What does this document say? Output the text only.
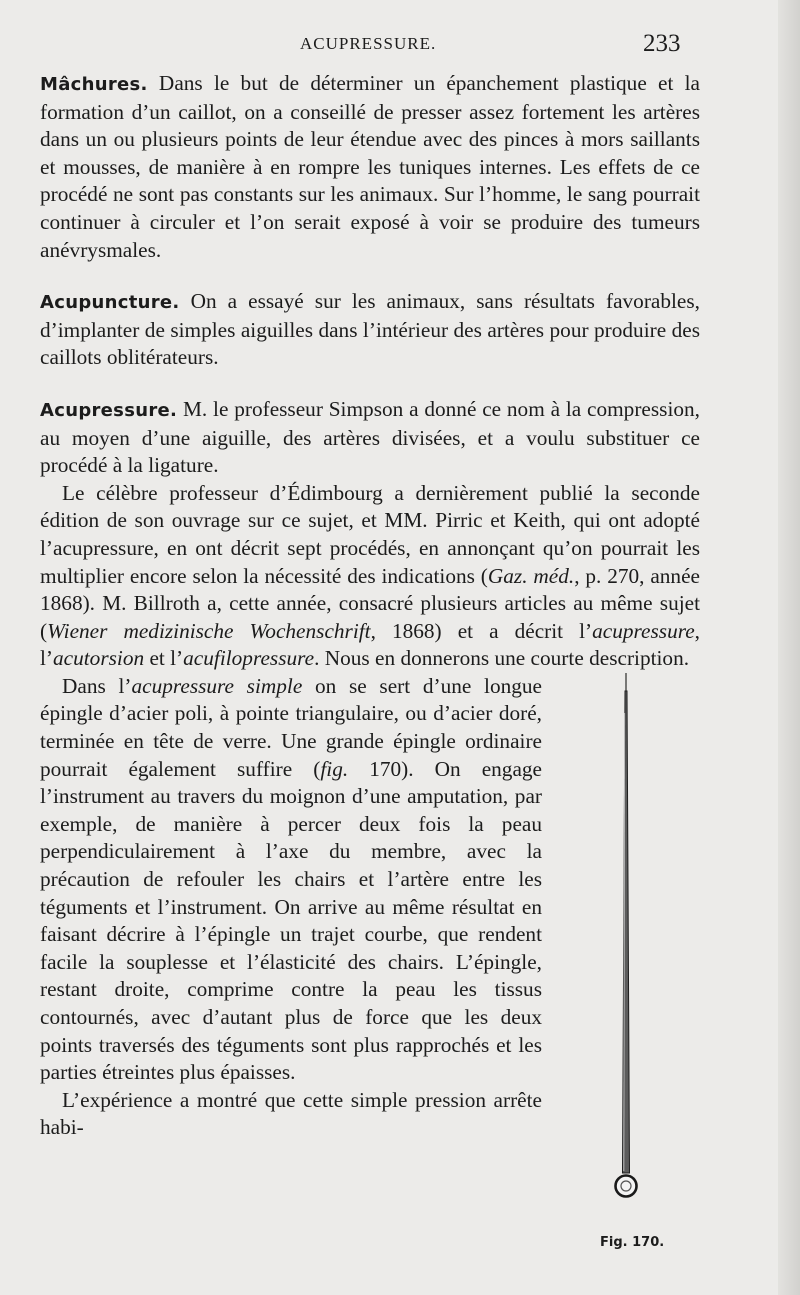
ACUPRESSURE.	233

Mâchures. Dans le but de déterminer un épanchement plastique et la formation d’un caillot, on a conseillé de presser assez fortement les artères dans un ou plusieurs points de leur étendue avec des pinces à mors saillants et mousses, de manière à en rompre les tuniques internes. Les effets de ce procédé ne sont pas constants sur les animaux. Sur l’homme, le sang pourrait continuer à circuler et l’on serait exposé à voir se produire des tumeurs anévrysmales.

Acupuncture. On a essayé sur les animaux, sans résultats favorables, d’implanter de simples aiguilles dans l’intérieur des artères pour produire des caillots oblitérateurs.

Acupressure. M. le professeur Simpson a donné ce nom à la compression, au moyen d’une aiguille, des artères divisées, et a voulu substituer ce procédé à la ligature.

Le célèbre professeur d’Édimbourg a dernièrement publié la seconde édition de son ouvrage sur ce sujet, et MM. Pirric et Keith, qui ont adopté l’acupressure, en ont décrit sept procédés, en annonçant qu’on pourrait les multiplier encore selon la nécessité des indications (Gaz. méd., p. 270, année 1868). M. Billroth a, cette année, consacré plusieurs articles au même sujet (Wiener medizinische Wochenschrift, 1868) et a décrit l’acupressure, l’acutorsion et l’acufilopressure. Nous en donnerons une courte description.

Fig. 170.

Dans l’acupressure simple on se sert d’une longue épingle d’acier poli, à pointe triangulaire, ou d’acier doré, terminée en tête de verre. Une grande épingle ordinaire pourrait également suffire (fig. 170). On engage l’instrument au travers du moignon d’une amputation, par exemple, de manière à percer deux fois la peau perpendiculairement à l’axe du membre, avec la précaution de refouler les chairs et l’artère entre les téguments et l’instrument. On arrive au même résultat en faisant décrire à l’épingle un trajet courbe, que rendent facile la souplesse et l’élasticité des chairs. L’épingle, restant droite, comprime contre la peau les tissus contournés, avec d’autant plus de force que les deux points traversés des téguments sont plus rapprochés et les parties étreintes plus épaisses.

L’expérience a montré que cette simple pression arrête habi-
